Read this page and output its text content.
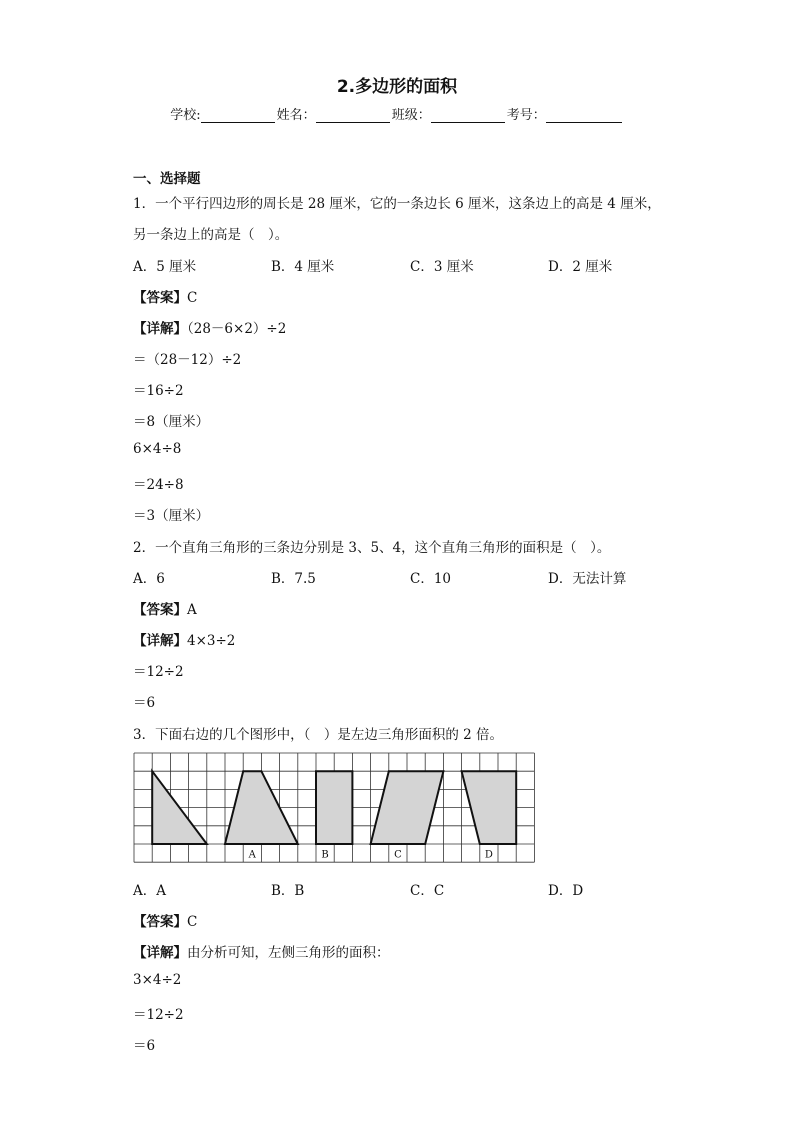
2.多边形的面积
学校:	姓名：	班级：	考号：
一、选择题
1．一个平行四边形的周长是 28 厘米，它的一条边长 6 厘米，这条边上的高是 4 厘米，
另一条边上的高是（　）。
A．5 厘米	B．4 厘米	C．3 厘米	D．2 厘米
【答案】C
【详解】（28－6×2）÷2
＝（28－12）÷2
＝16÷2
＝8（厘米）
6×4÷8
＝24÷8
＝3（厘米）
2．一个直角三角形的三条边分别是 3、5、4，这个直角三角形的面积是（　）。
A．6	B．7.5	C．10	D．无法计算
【答案】A
【详解】4×3÷2
＝12÷2
＝6
3．下面右边的几个图形中，（　）是左边三角形面积的 2 倍。
A	B	C	D
A．A	B．B	C．C	D．D
【答案】C
【详解】由分析可知，左侧三角形的面积：
3×4÷2
＝12÷2
＝6
